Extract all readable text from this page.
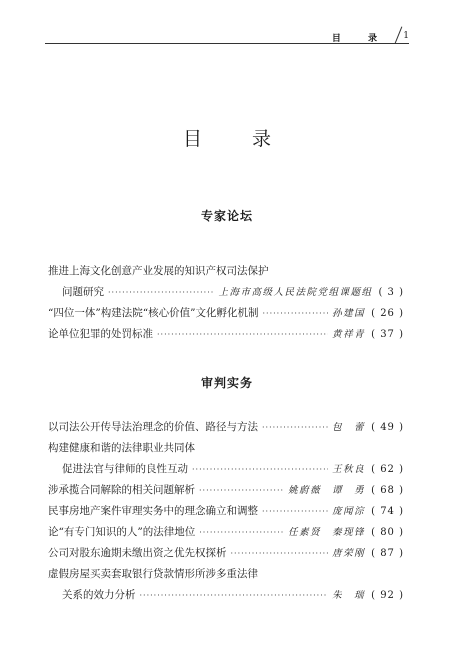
目 录 1
目 录
专家论坛
推进上海文化创意产业发展的知识产权司法保护
问题研究 ·····	上海市高级人民法院党组课题组 ( 3 )
“四位一体”构建法院“核心价值”文化孵化机制 ·····	孙建国 ( 26 )
论单位犯罪的处罚标准 ·····	黄祥青 ( 37 )
审判实务
以司法公开传导法治理念的价值、路径与方法 ·····	包　蕾 ( 49 )
构建健康和谐的法律职业共同体
促进法官与律师的良性互动 ·····	王秋良 ( 62 )
涉承揽合同解除的相关问题解析 ·····	姚蔚薇　谭　勇 ( 68 )
民事房地产案件审理实务中的理念确立和调整 ·····	庞闻淙 ( 74 )
论“有专门知识的人”的法律地位 ·····	任素贤　秦现锋 ( 80 )
公司对股东逾期未缴出资之优先权探析 ·····	唐荣刚 ( 87 )
虚假房屋买卖套取银行贷款情形所涉多重法律
关系的效力分析 ·····	朱　瑞 ( 92 )
